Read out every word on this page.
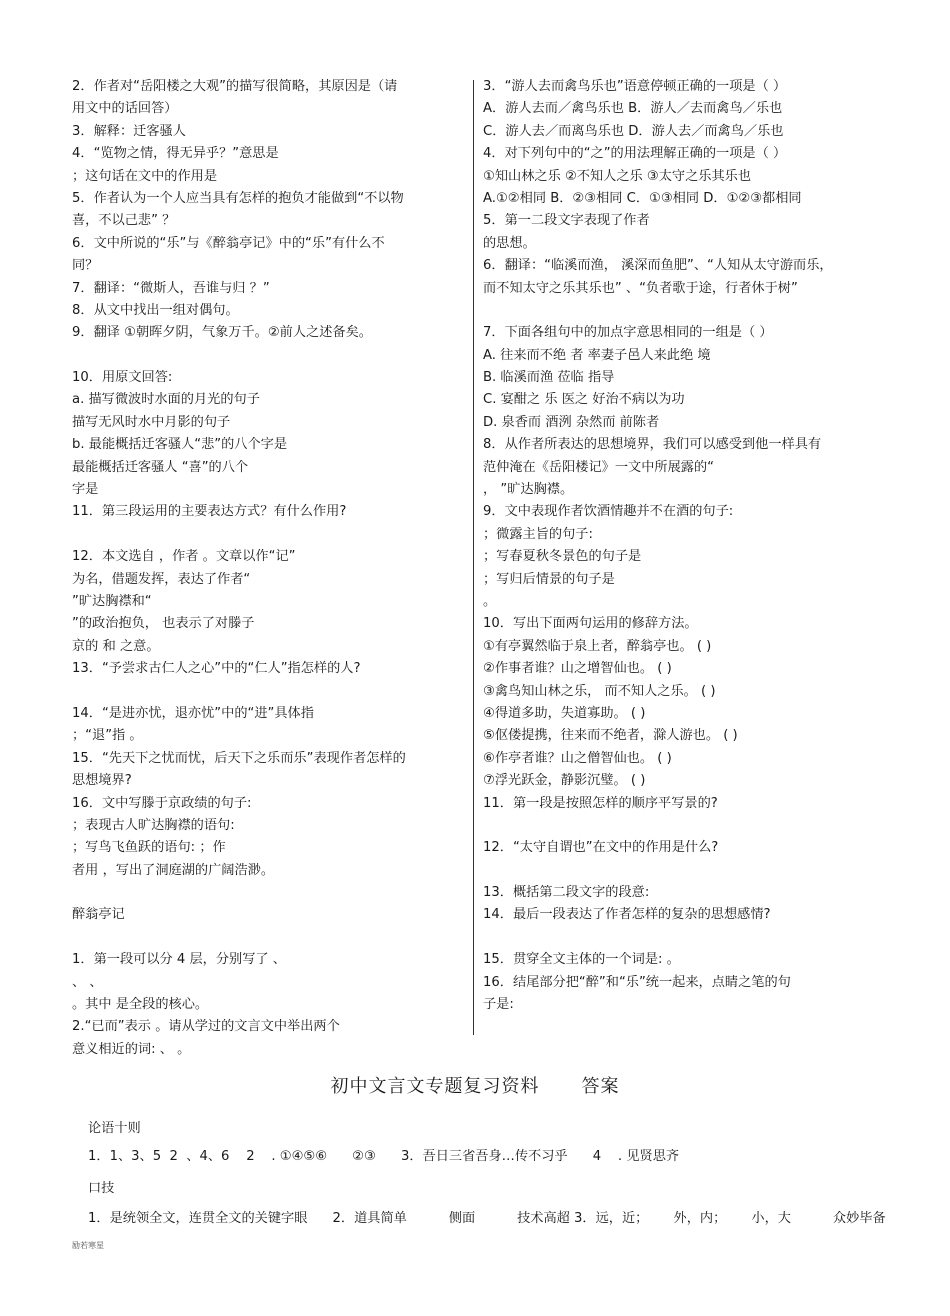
2．作者对“岳阳楼之大观”的描写很简略，其原因是（请
用文中的话回答）
3．解释：迁客骚人
4．“览物之情，得无异乎？”意思是
；这句话在文中的作用是
5．作者认为一个人应当具有怎样的抱负才能做到“不以物
喜，不以己悲” ？
6．文中所说的“乐”与《醉翁亭记》中的“乐”有什么不
同？
7．翻译：“微斯人，吾谁与归 ？”
8．从文中找出一组对偶句。
9．翻译 ①朝晖夕阴，气象万千。②前人之述备矣。
10．用原文回答:
a. 描写微波时水面的月光的句子
描写无风时水中月影的句子
b. 最能概括迁客骚人“悲”的八个字是
最能概括迁客骚人 “喜”的八个
字是
11．第三段运用的主要表达方式？有什么作用?
12．本文选自 ，作者 。文章以作“记”
为名，借题发挥，表达了作者“
”旷达胸襟和“
”的政治抱负， 也表示了对滕子
京的 和 之意。
13．“予尝求古仁人之心”中的“仁人”指怎样的人?
14．“是进亦忧，退亦忧”中的“进”具体指
；“退”指 。
15．“先天下之忧而忧，后天下之乐而乐”表现作者怎样的
思想境界?
16．文中写滕于京政绩的句子:
；表现古人旷达胸襟的语句:
；写鸟飞鱼跃的语句: ；作
者用 ，写出了洞庭湖的广阔浩渺。
醉翁亭记
1．第一段可以分 4 层，分别写了 、
、 、
。其中 是全段的核心。
2.“已而”表示 。请从学过的文言文中举出两个
意义相近的词: 、 。
3．“游人去而禽鸟乐也”语意停顿正确的一项是（ ）
A．游人去而／禽鸟乐也 B．游人／去而禽鸟／乐也
C．游人去／而离鸟乐也 D．游人去／而禽鸟／乐也
4．对下列句中的“之”的用法理解正确的一项是（ ）
①知山林之乐 ②不知人之乐 ③太守之乐其乐也
A.①②相同 B．②③相同 C．①③相同 D．①②③都相同
5．第一二段文字表现了作者
的思想。
6．翻译：“临溪而渔， 溪深而鱼肥”、“人知从太守游而乐，
而不知太守之乐其乐也” 、“负者歌于途，行者休于树”
7．下面各组句中的加点字意思相同的一组是（ ）
A. 往来而不绝 者 率妻子邑人来此绝 境
B. 临溪而渔 莅临 指导
C. 宴酣之 乐 医之 好治不病以为功
D. 泉香而 酒洌 杂然而 前陈者
8．从作者所表达的思想境界，我们可以感受到他一样具有
范仲淹在《岳阳楼记》一文中所展露的“
， ”旷达胸襟。
9．文中表现作者饮酒情趣并不在酒的句子:
；微露主旨的句子:
；写春夏秋冬景色的句子是
；写归后情景的句子是
。
10．写出下面两句运用的修辞方法。
①有亭翼然临于泉上者，醉翁亭也。 ( )
②作事者谁？山之增智仙也。 ( )
③禽鸟知山林之乐， 而不知人之乐。 ( )
④得道多助，失道寡助。 ( )
⑤伛偻提携，往来而不绝者，滁人游也。 ( )
⑥作亭者谁？山之僧智仙也。 ( )
⑦浮光跃金，静影沉璧。 ( )
11．第一段是按照怎样的顺序平写景的?
12．“太守自谓也”在文中的作用是什么?
13．概括第二段文字的段意:
14．最后一段表达了作者怎样的复杂的思想感情?
15．贯穿全文主体的一个词是: 。
16．结尾部分把“醉”和“乐”统一起来，点睛之笔的句
子是:
初中文言文专题复习资料 答案
论语十则
1．1、3、5  2  、4、6    2    . ①④⑤⑥      ②③      3．吾日三省吾身…传不习乎      4    . 见贤思齐
口技
1．是统领全文，连贯全文的关键字眼      2．道具简单          侧面          技术高超 3．远，近；      外，内；      小，大          众妙毕备
励若寒星
